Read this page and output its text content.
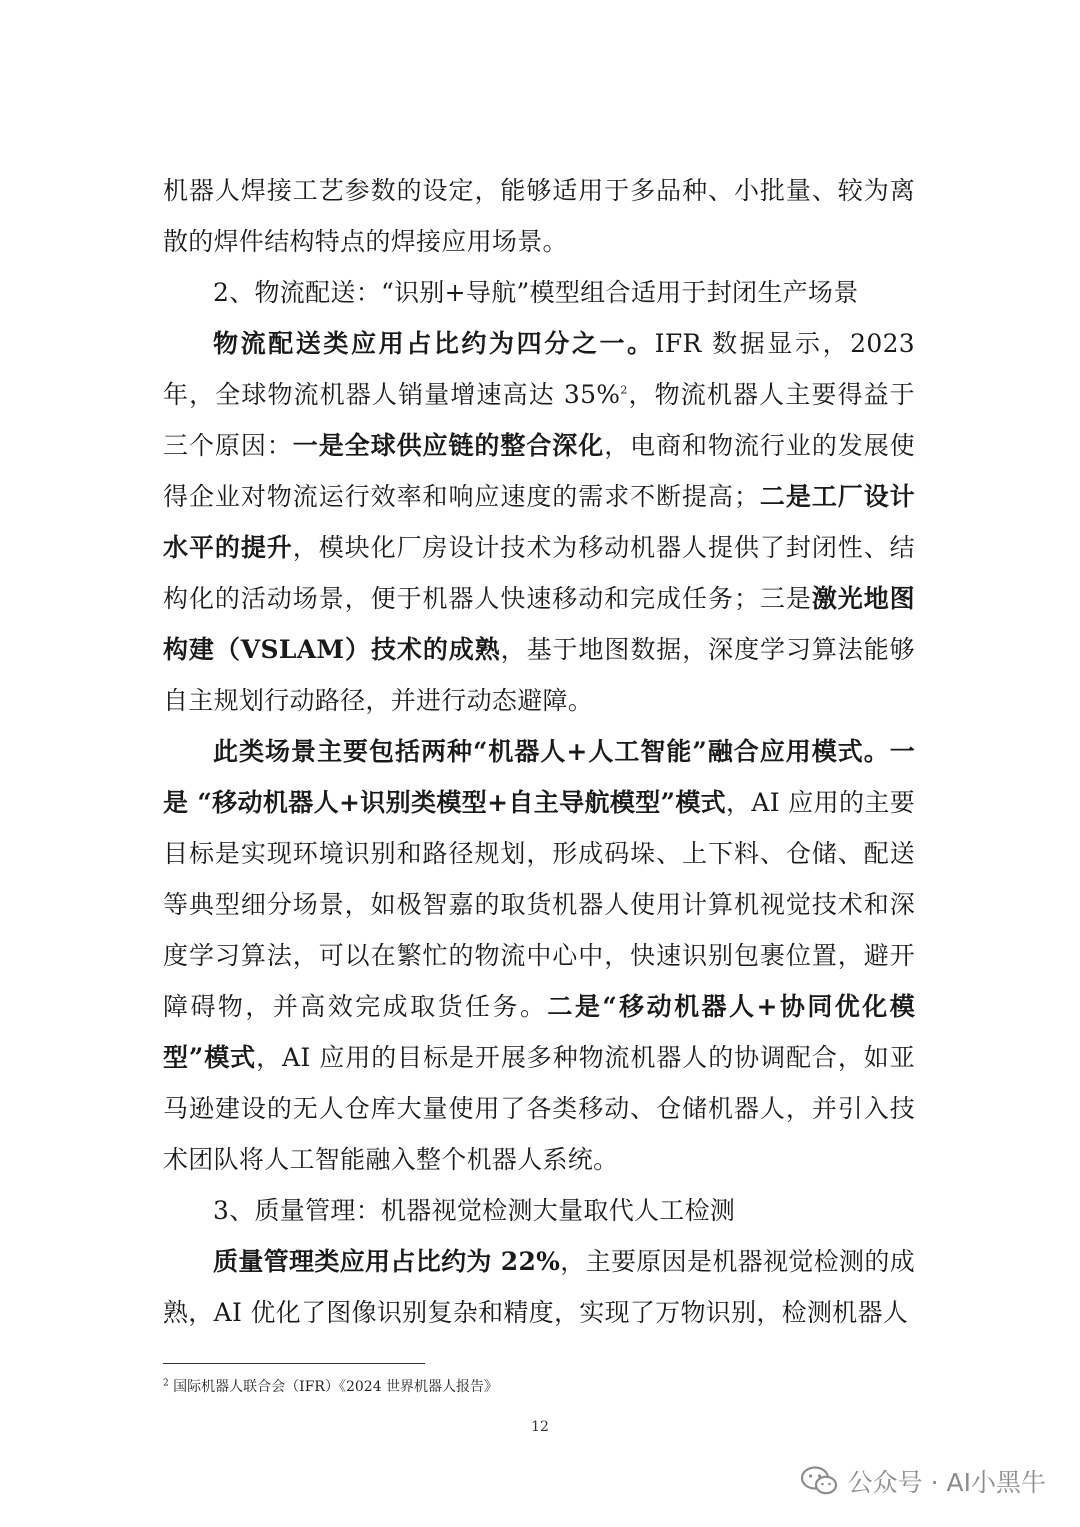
机器人焊接工艺参数的设定，能够适用于多品种、小批量、较为离散的焊件结构特点的焊接应用场景。

2、物流配送：“识别+导航”模型组合适用于封闭生产场景

物流配送类应用占比约为四分之一。IFR 数据显示，2023 年，全球物流机器人销量增速高达 35%$^2$，物流机器人主要得益于三个原因：一是全球供应链的整合深化，电商和物流行业的发展使得企业对物流运行效率和响应速度的需求不断提高；二是工厂设计水平的提升，模块化厂房设计技术为移动机器人提供了封闭性、结构化的活动场景，便于机器人快速移动和完成任务；三是激光地图构建（VSLAM）技术的成熟，基于地图数据，深度学习算法能够自主规划行动路径，并进行动态避障。

此类场景主要包括两种“机器人+人工智能”融合应用模式。一是 “移动机器人+识别类模型+自主导航模型”模式，AI 应用的主要目标是实现环境识别和路径规划，形成码垛、上下料、仓储、配送等典型细分场景，如极智嘉的取货机器人使用计算机视觉技术和深度学习算法，可以在繁忙的物流中心中，快速识别包裹位置，避开障碍物，并高效完成取货任务。二是“移动机器人+协同优化模型”模式，AI 应用的目标是开展多种物流机器人的协调配合，如亚马逊建设的无人仓库大量使用了各类移动、仓储机器人，并引入技术团队将人工智能融入整个机器人系统。

3、质量管理：机器视觉检测大量取代人工检测

质量管理类应用占比约为 22%，主要原因是机器视觉检测的成熟，AI 优化了图像识别复杂和精度，实现了万物识别，检测机器人

$^2$ 国际机器人联合会（IFR）《2024 世界机器人报告》
12
公众号 · AI小黑牛
